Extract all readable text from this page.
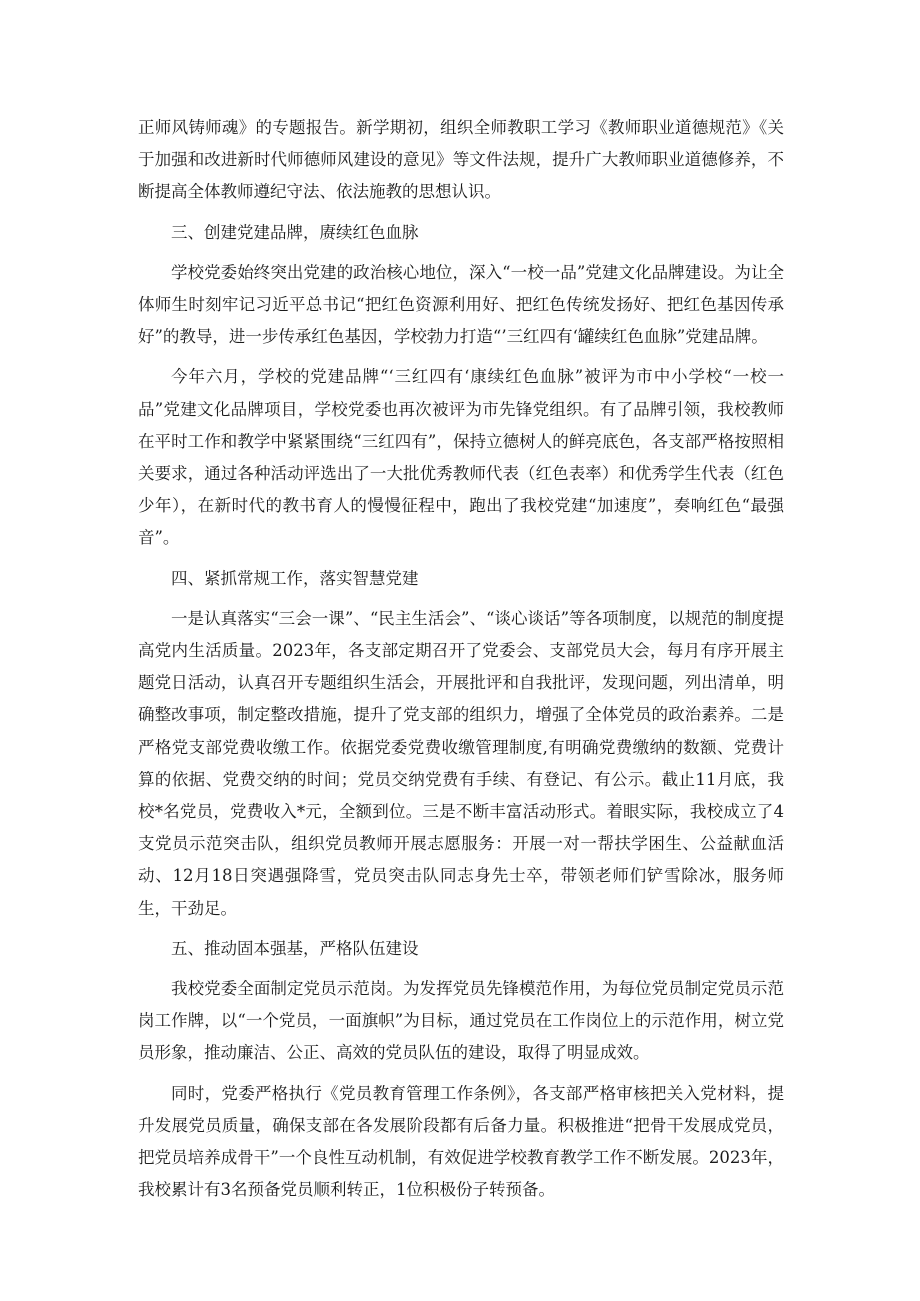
正师风铸师魂》的专题报告。新学期初，组织全师教职工学习《教师职业道德规范》《关于加强和改进新时代师德师风建设的意见》等文件法规，提升广大教师职业道德修养，不断提高全体教师遵纪守法、依法施教的思想认识。

三、创建党建品牌，赓续红色血脉

学校党委始终突出党建的政治核心地位，深入“一校一品”党建文化品牌建设。为让全体师生时刻牢记习近平总书记“把红色资源利用好、把红色传统发扬好、把红色基因传承好”的教导，进一步传承红色基因，学校勃力打造“’三红四有‘罐续红色血脉”党建品牌。

今年六月，学校的党建品牌“‘三红四有‘康续红色血脉”被评为市中小学校“一校一品”党建文化品牌项目，学校党委也再次被评为市先锋党组织。有了品牌引领，我校教师在平时工作和教学中紧紧围绕“三红四有”，保持立德树人的鲜亮底色，各支部严格按照相关要求，通过各种活动评选出了一大批优秀教师代表（红色表率）和优秀学生代表（红色少年），在新时代的教书育人的慢慢征程中，跑出了我校党建“加速度”，奏响红色“最强音”。

四、紧抓常规工作，落实智慧党建

一是认真落实“三会一课”、“民主生活会”、“谈心谈话”等各项制度，以规范的制度提高党内生活质量。2023年，各支部定期召开了党委会、支部党员大会，每月有序开展主题党日活动，认真召开专题组织生活会，开展批评和自我批评，发现问题，列出清单，明确整改事项，制定整改措施，提升了党支部的组织力，增强了全体党员的政治素养。二是严格党支部党费收缴工作。依据党委党费收缴管理制度,有明确党费缴纳的数额、党费计算的依据、党费交纳的时间；党员交纳党费有手续、有登记、有公示。截止11月底，我校*名党员，党费收入*元，全额到位。三是不断丰富活动形式。着眼实际，我校成立了4支党员示范突击队，组织党员教师开展志愿服务：开展一对一帮扶学困生、公益献血活动、12月18日突遇强降雪，党员突击队同志身先士卒，带领老师们铲雪除冰，服务师生，干劲足。

五、推动固本强基，严格队伍建设

我校党委全面制定党员示范岗。为发挥党员先锋模范作用，为每位党员制定党员示范岗工作牌，以“一个党员，一面旗帜”为目标，通过党员在工作岗位上的示范作用，树立党员形象，推动廉洁、公正、高效的党员队伍的建设，取得了明显成效。

同时，党委严格执行《党员教育管理工作条例》，各支部严格审核把关入党材料，提升发展党员质量，确保支部在各发展阶段都有后备力量。积极推进“把骨干发展成党员，把党员培养成骨干”一个良性互动机制，有效促进学校教育教学工作不断发展。2023年，我校累计有3名预备党员顺利转正，1位积极份子转预备。
